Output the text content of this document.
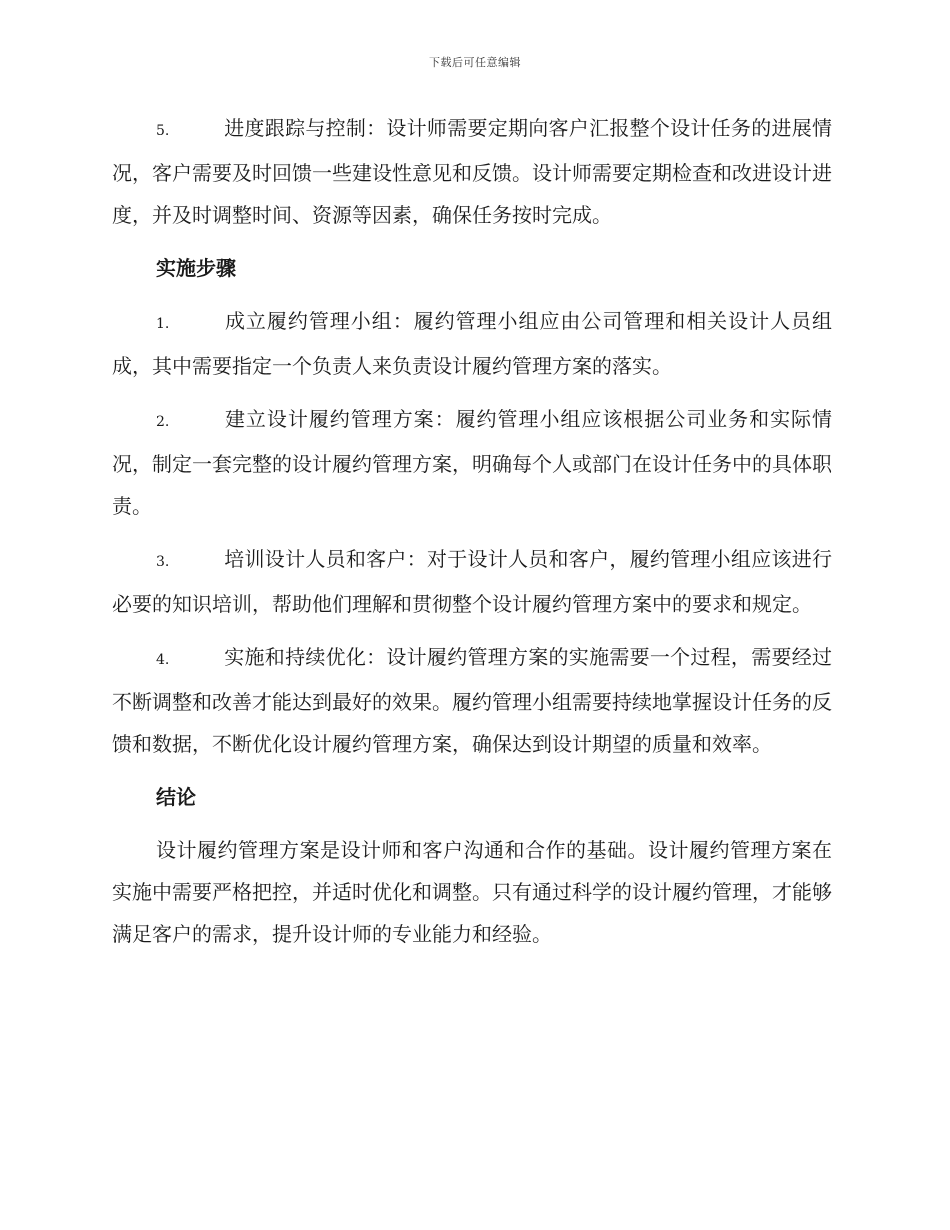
下载后可任意编辑

5.	进度跟踪与控制：设计师需要定期向客户汇报整个设计任务的进展情况，客户需要及时回馈一些建设性意见和反馈。设计师需要定期检查和改进设计进度，并及时调整时间、资源等因素，确保任务按时完成。

实施步骤

1.	成立履约管理小组：履约管理小组应由公司管理和相关设计人员组成，其中需要指定一个负责人来负责设计履约管理方案的落实。

2.	建立设计履约管理方案：履约管理小组应该根据公司业务和实际情况，制定一套完整的设计履约管理方案，明确每个人或部门在设计任务中的具体职责。

3.	培训设计人员和客户：对于设计人员和客户，履约管理小组应该进行必要的知识培训，帮助他们理解和贯彻整个设计履约管理方案中的要求和规定。

4.	实施和持续优化：设计履约管理方案的实施需要一个过程，需要经过不断调整和改善才能达到最好的效果。履约管理小组需要持续地掌握设计任务的反馈和数据，不断优化设计履约管理方案，确保达到设计期望的质量和效率。

结论

设计履约管理方案是设计师和客户沟通和合作的基础。设计履约管理方案在实施中需要严格把控，并适时优化和调整。只有通过科学的设计履约管理，才能够满足客户的需求，提升设计师的专业能力和经验。
